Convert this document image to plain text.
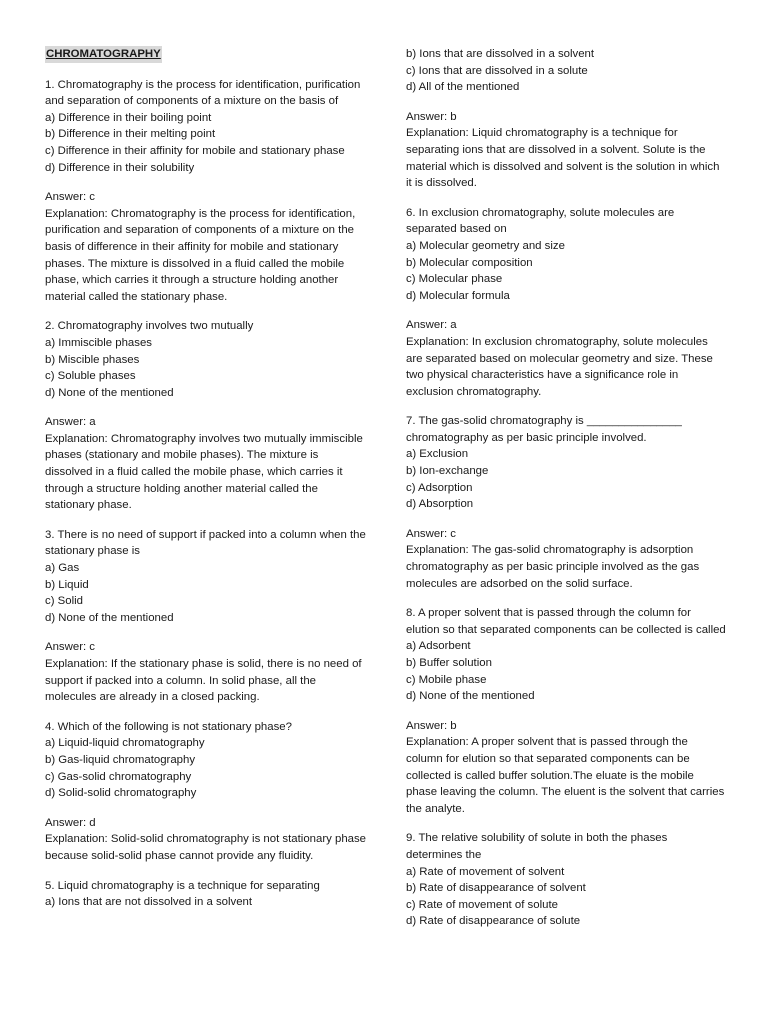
CHROMATOGRAPHY
1. Chromatography is the process for identification, purification and separation of components of a mixture on the basis of
a) Difference in their boiling point
b) Difference in their melting point
c) Difference in their affinity for mobile and stationary phase
d) Difference in their solubility
Answer: c
Explanation: Chromatography is the process for identification, purification and separation of components of a mixture on the basis of difference in their affinity for mobile and stationary phases. The mixture is dissolved in a fluid called the mobile phase, which carries it through a structure holding another material called the stationary phase.
2. Chromatography involves two mutually
a) Immiscible phases
b) Miscible phases
c) Soluble phases
d) None of the mentioned
Answer: a
Explanation: Chromatography involves two mutually immiscible phases (stationary and mobile phases). The mixture is dissolved in a fluid called the mobile phase, which carries it through a structure holding another material called the stationary phase.
3. There is no need of support if packed into a column when the stationary phase is
a) Gas
b) Liquid
c) Solid
d) None of the mentioned
Answer: c
Explanation: If the stationary phase is solid, there is no need of support if packed into a column. In solid phase, all the molecules are already in a closed packing.
4. Which of the following is not stationary phase?
a) Liquid-liquid chromatography
b) Gas-liquid chromatography
c) Gas-solid chromatography
d) Solid-solid chromatography
Answer: d
Explanation: Solid-solid chromatography is not stationary phase because solid-solid phase cannot provide any fluidity.
5. Liquid chromatography is a technique for separating
a) Ions that are not dissolved in a solvent
b) Ions that are dissolved in a solvent
c) Ions that are dissolved in a solute
d) All of the mentioned
Answer: b
Explanation: Liquid chromatography is a technique for separating ions that are dissolved in a solvent. Solute is the material which is dissolved and solvent is the solution in which it is dissolved.
6. In exclusion chromatography, solute molecules are separated based on
a) Molecular geometry and size
b) Molecular composition
c) Molecular phase
d) Molecular formula
Answer: a
Explanation: In exclusion chromatography, solute molecules are separated based on molecular geometry and size. These two physical characteristics have a significance role in exclusion chromatography.
7. The gas-solid chromatography is _______________ chromatography as per basic principle involved.
a) Exclusion
b) Ion-exchange
c) Adsorption
d) Absorption
Answer: c
Explanation: The gas-solid chromatography is adsorption chromatography as per basic principle involved as the gas molecules are adsorbed on the solid surface.
8. A proper solvent that is passed through the column for elution so that separated components can be collected is called
a) Adsorbent
b) Buffer solution
c) Mobile phase
d) None of the mentioned
Answer: b
Explanation: A proper solvent that is passed through the column for elution so that separated components can be collected is called buffer solution.The eluate is the mobile phase leaving the column. The eluent is the solvent that carries the analyte.
9. The relative solubility of solute in both the phases determines the
a) Rate of movement of solvent
b) Rate of disappearance of solvent
c) Rate of movement of solute
d) Rate of disappearance of solute
